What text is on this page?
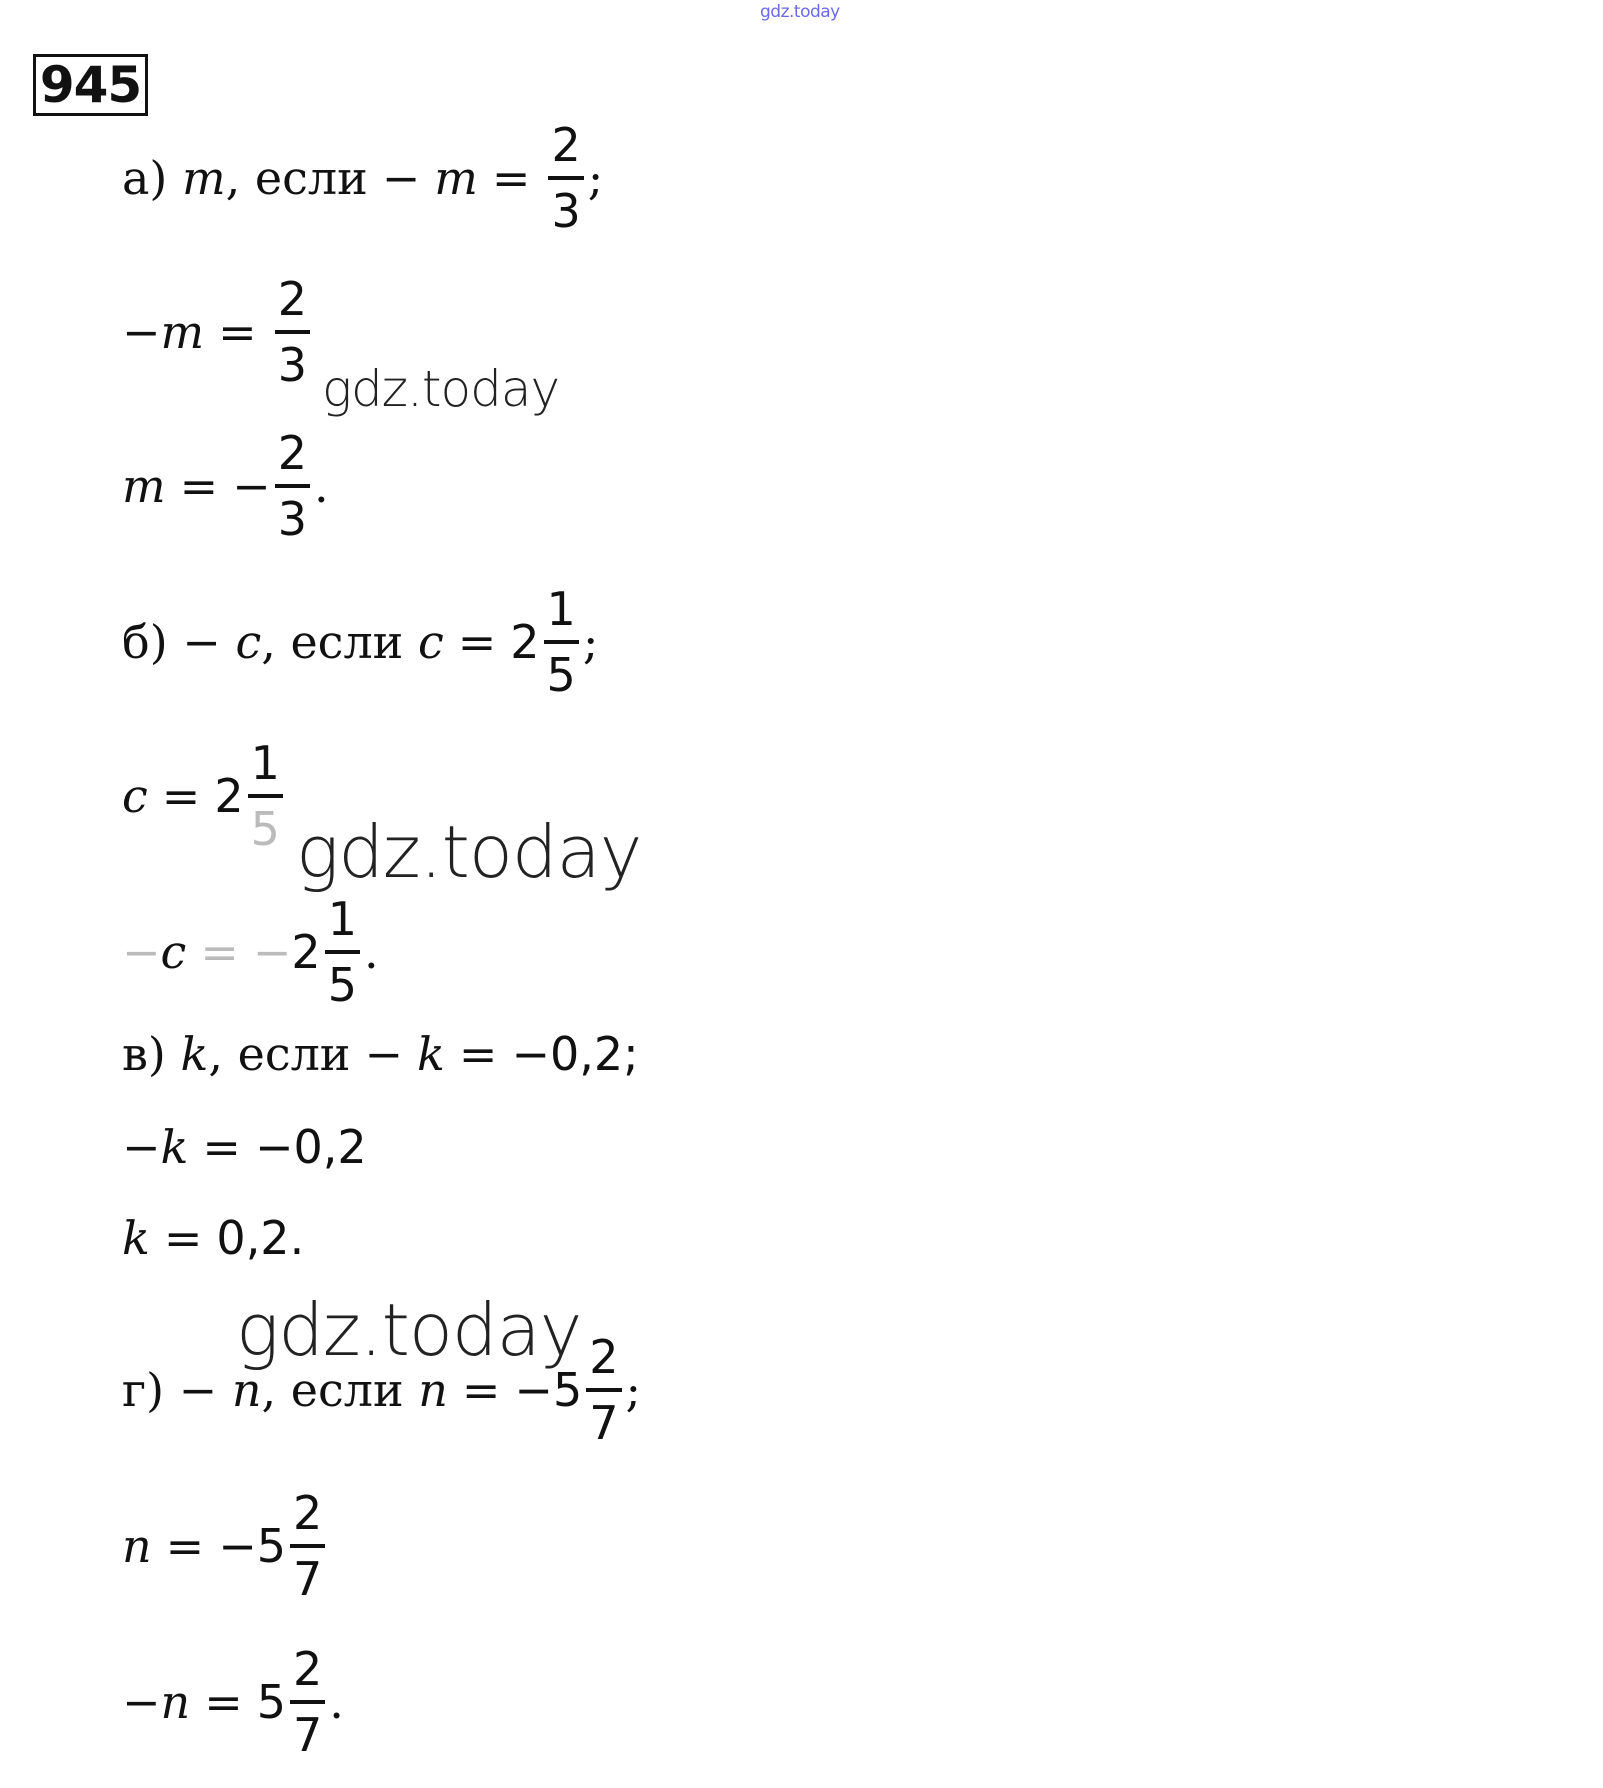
gdz.today
945
а)
m , если − $m = \frac{2}{3}$ ;
$-m = \frac{2}{3}$
m = − $\frac{2}{3}$ .
б)
− c , если
$c = 2 \frac{1}{5}$ ;
$c = 2 \frac{1}{5}$
− c = − $2 \frac{1}{5}$ .
в)
k , если − k = −0,2;
− k = −0,2
k = 0,2.
г)
− n , если
$n = -5 \frac{2}{7}$ ;
$n = -5 \frac{2}{7}$
− $n = 5 \frac{2}{7}$ .
gdz.today
gdz.today
gdz.today
